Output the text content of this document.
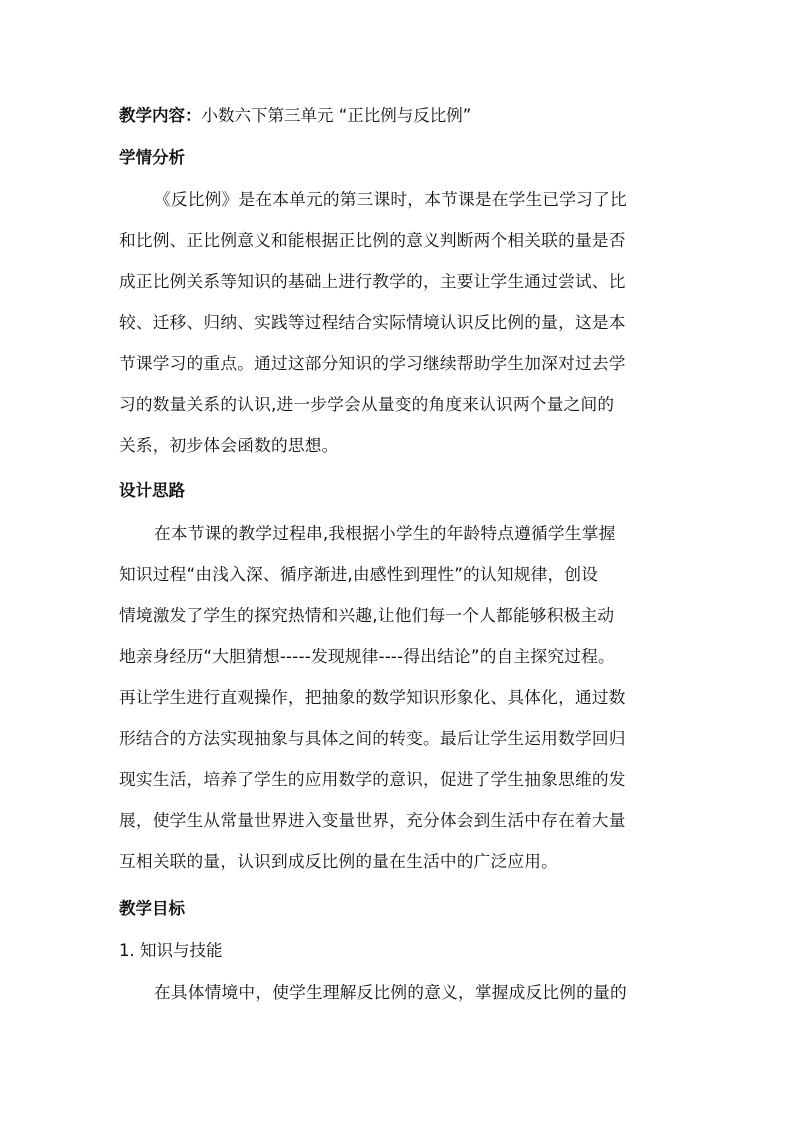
教学内容：小数六下第三单元 “正比例与反比例”
学情分析
《反比例》是在本单元的第三课时，本节课是在学生已学习了比
和比例、正比例意义和能根据正比例的意义判断两个相关联的量是否
成正比例关系等知识的基础上进行教学的，主要让学生通过尝试、比
较、迁移、归纳、实践等过程结合实际情境认识反比例的量，这是本
节课学习的重点。通过这部分知识的学习继续帮助学生加深对过去学
习的数量关系的认识,进一步学会从量变的角度来认识两个量之间的
关系，初步体会函数的思想。
设计思路
在本节课的教学过程串,我根据小学生的年龄特点遵循学生掌握
知识过程“由浅入深、循序渐进,由感性到理性”的认知规律，创设
情境激发了学生的探究热情和兴趣,让他们每一个人都能够积极主动
地亲身经历“大胆猜想-----发现规律----得出结论”的自主探究过程。
再让学生进行直观操作，把抽象的数学知识形象化、具体化，通过数
形结合的方法实现抽象与具体之间的转变。最后让学生运用数学回归
现实生活，培养了学生的应用数学的意识，促进了学生抽象思维的发
展，使学生从常量世界进入变量世界，充分体会到生活中存在着大量
互相关联的量，认识到成反比例的量在生活中的广泛应用。
教学目标
1. 知识与技能
在具体情境中，使学生理解反比例的意义，掌握成反比例的量的
